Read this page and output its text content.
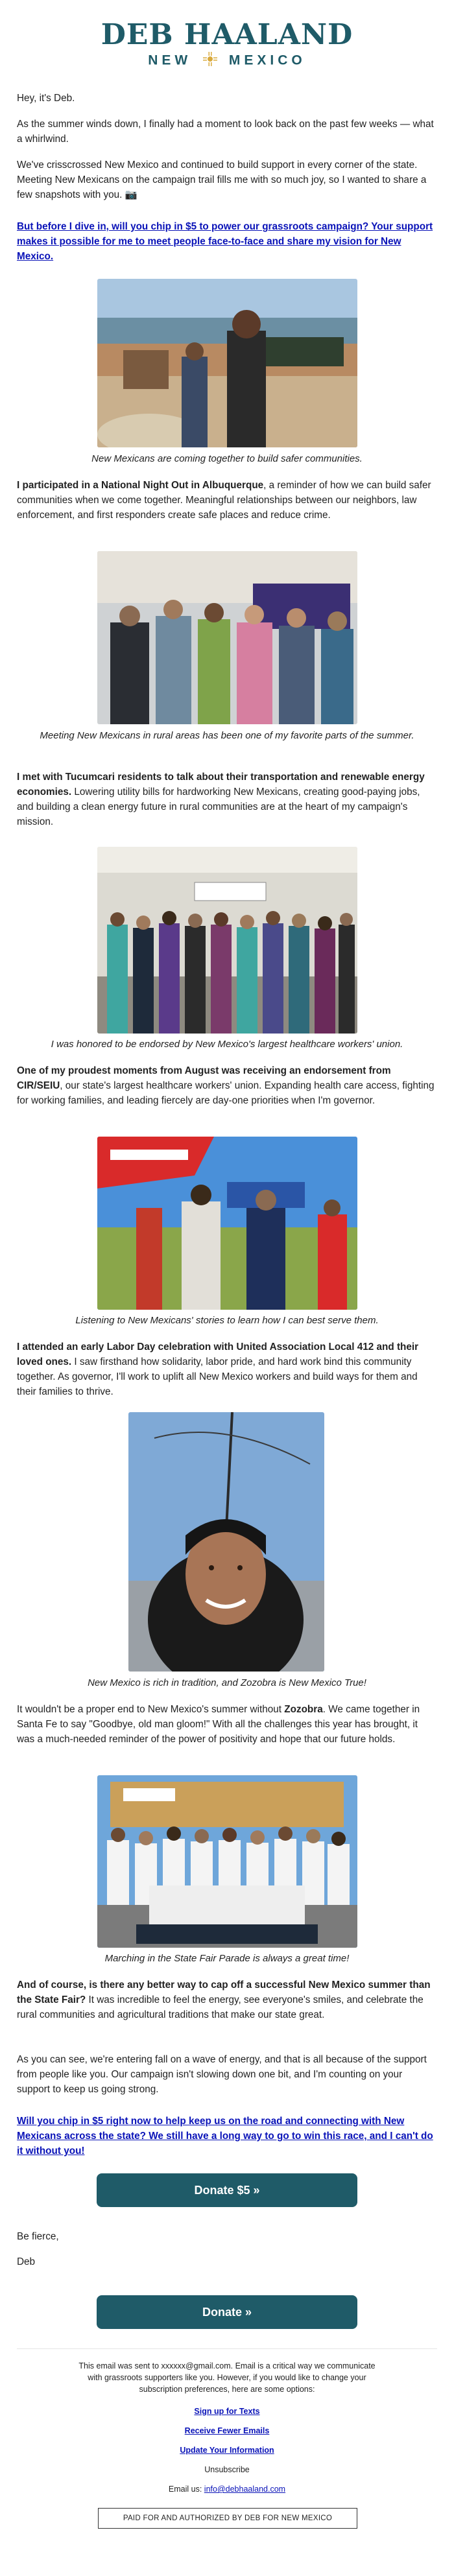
DEB HAALAND
NEW	MEXICO

Hey, it's Deb.

As the summer winds down, I finally had a moment to look back on the past few weeks — what a whirlwind.

We've crisscrossed New Mexico and continued to build support in every corner of the state. Meeting New Mexicans on the campaign trail fills me with so much joy, so I wanted to share a few snapshots with you. 📷

But before I dive in, will you chip in $5 to power our grassroots campaign? Your support makes it possible for me to meet people face-to-face and share my vision for New Mexico.

New Mexicans are coming together to build safer communities.

I participated in a National Night Out in Albuquerque, a reminder of how we can build safer communities when we come together. Meaningful relationships between our neighbors, law enforcement, and first responders create safe places and reduce crime.

Meeting New Mexicans in rural areas has been one of my favorite parts of the summer.

I met with Tucumcari residents to talk about their transportation and renewable energy economies. Lowering utility bills for hardworking New Mexicans, creating good-paying jobs, and building a clean energy future in rural communities are at the heart of my campaign's mission.

I was honored to be endorsed by New Mexico's largest healthcare workers' union.

One of my proudest moments from August was receiving an endorsement from CIR/SEIU, our state's largest healthcare workers' union. Expanding health care access, fighting for working families, and leading fiercely are day-one priorities when I'm governor.

Listening to New Mexicans' stories to learn how I can best serve them.

I attended an early Labor Day celebration with United Association Local 412 and their loved ones. I saw firsthand how solidarity, labor pride, and hard work bind this community together. As governor, I'll work to uplift all New Mexico workers and build ways for them and their families to thrive.

New Mexico is rich in tradition, and Zozobra is New Mexico True!

It wouldn't be a proper end to New Mexico's summer without Zozobra. We came together in Santa Fe to say "Goodbye, old man gloom!" With all the challenges this year has brought, it was a much-needed reminder of the power of positivity and hope that our future holds.

Marching in the State Fair Parade is always a great time!

And of course, is there any better way to cap off a successful New Mexico summer than the State Fair? It was incredible to feel the energy, see everyone's smiles, and celebrate the rural communities and agricultural traditions that make our state great.

As you can see, we're entering fall on a wave of energy, and that is all because of the support from people like you. Our campaign isn't slowing down one bit, and I'm counting on your support to keep us going strong.

Will you chip in $5 right now to help keep us on the road and connecting with New Mexicans across the state? We still have a long way to go to win this race, and I can't do it without you!

Donate $5 »

Be fierce,

Deb

Donate »
This email was sent to xxxxxx@gmail.com. Email is a critical way we communicate with grassroots supporters like you. However, if you would like to change your subscription preferences, here are some options:
Sign up for Texts
Receive Fewer Emails
Update Your Information
Unsubscribe
Email us: info@debhaaland.com
PAID FOR AND AUTHORIZED BY DEB FOR NEW MEXICO
